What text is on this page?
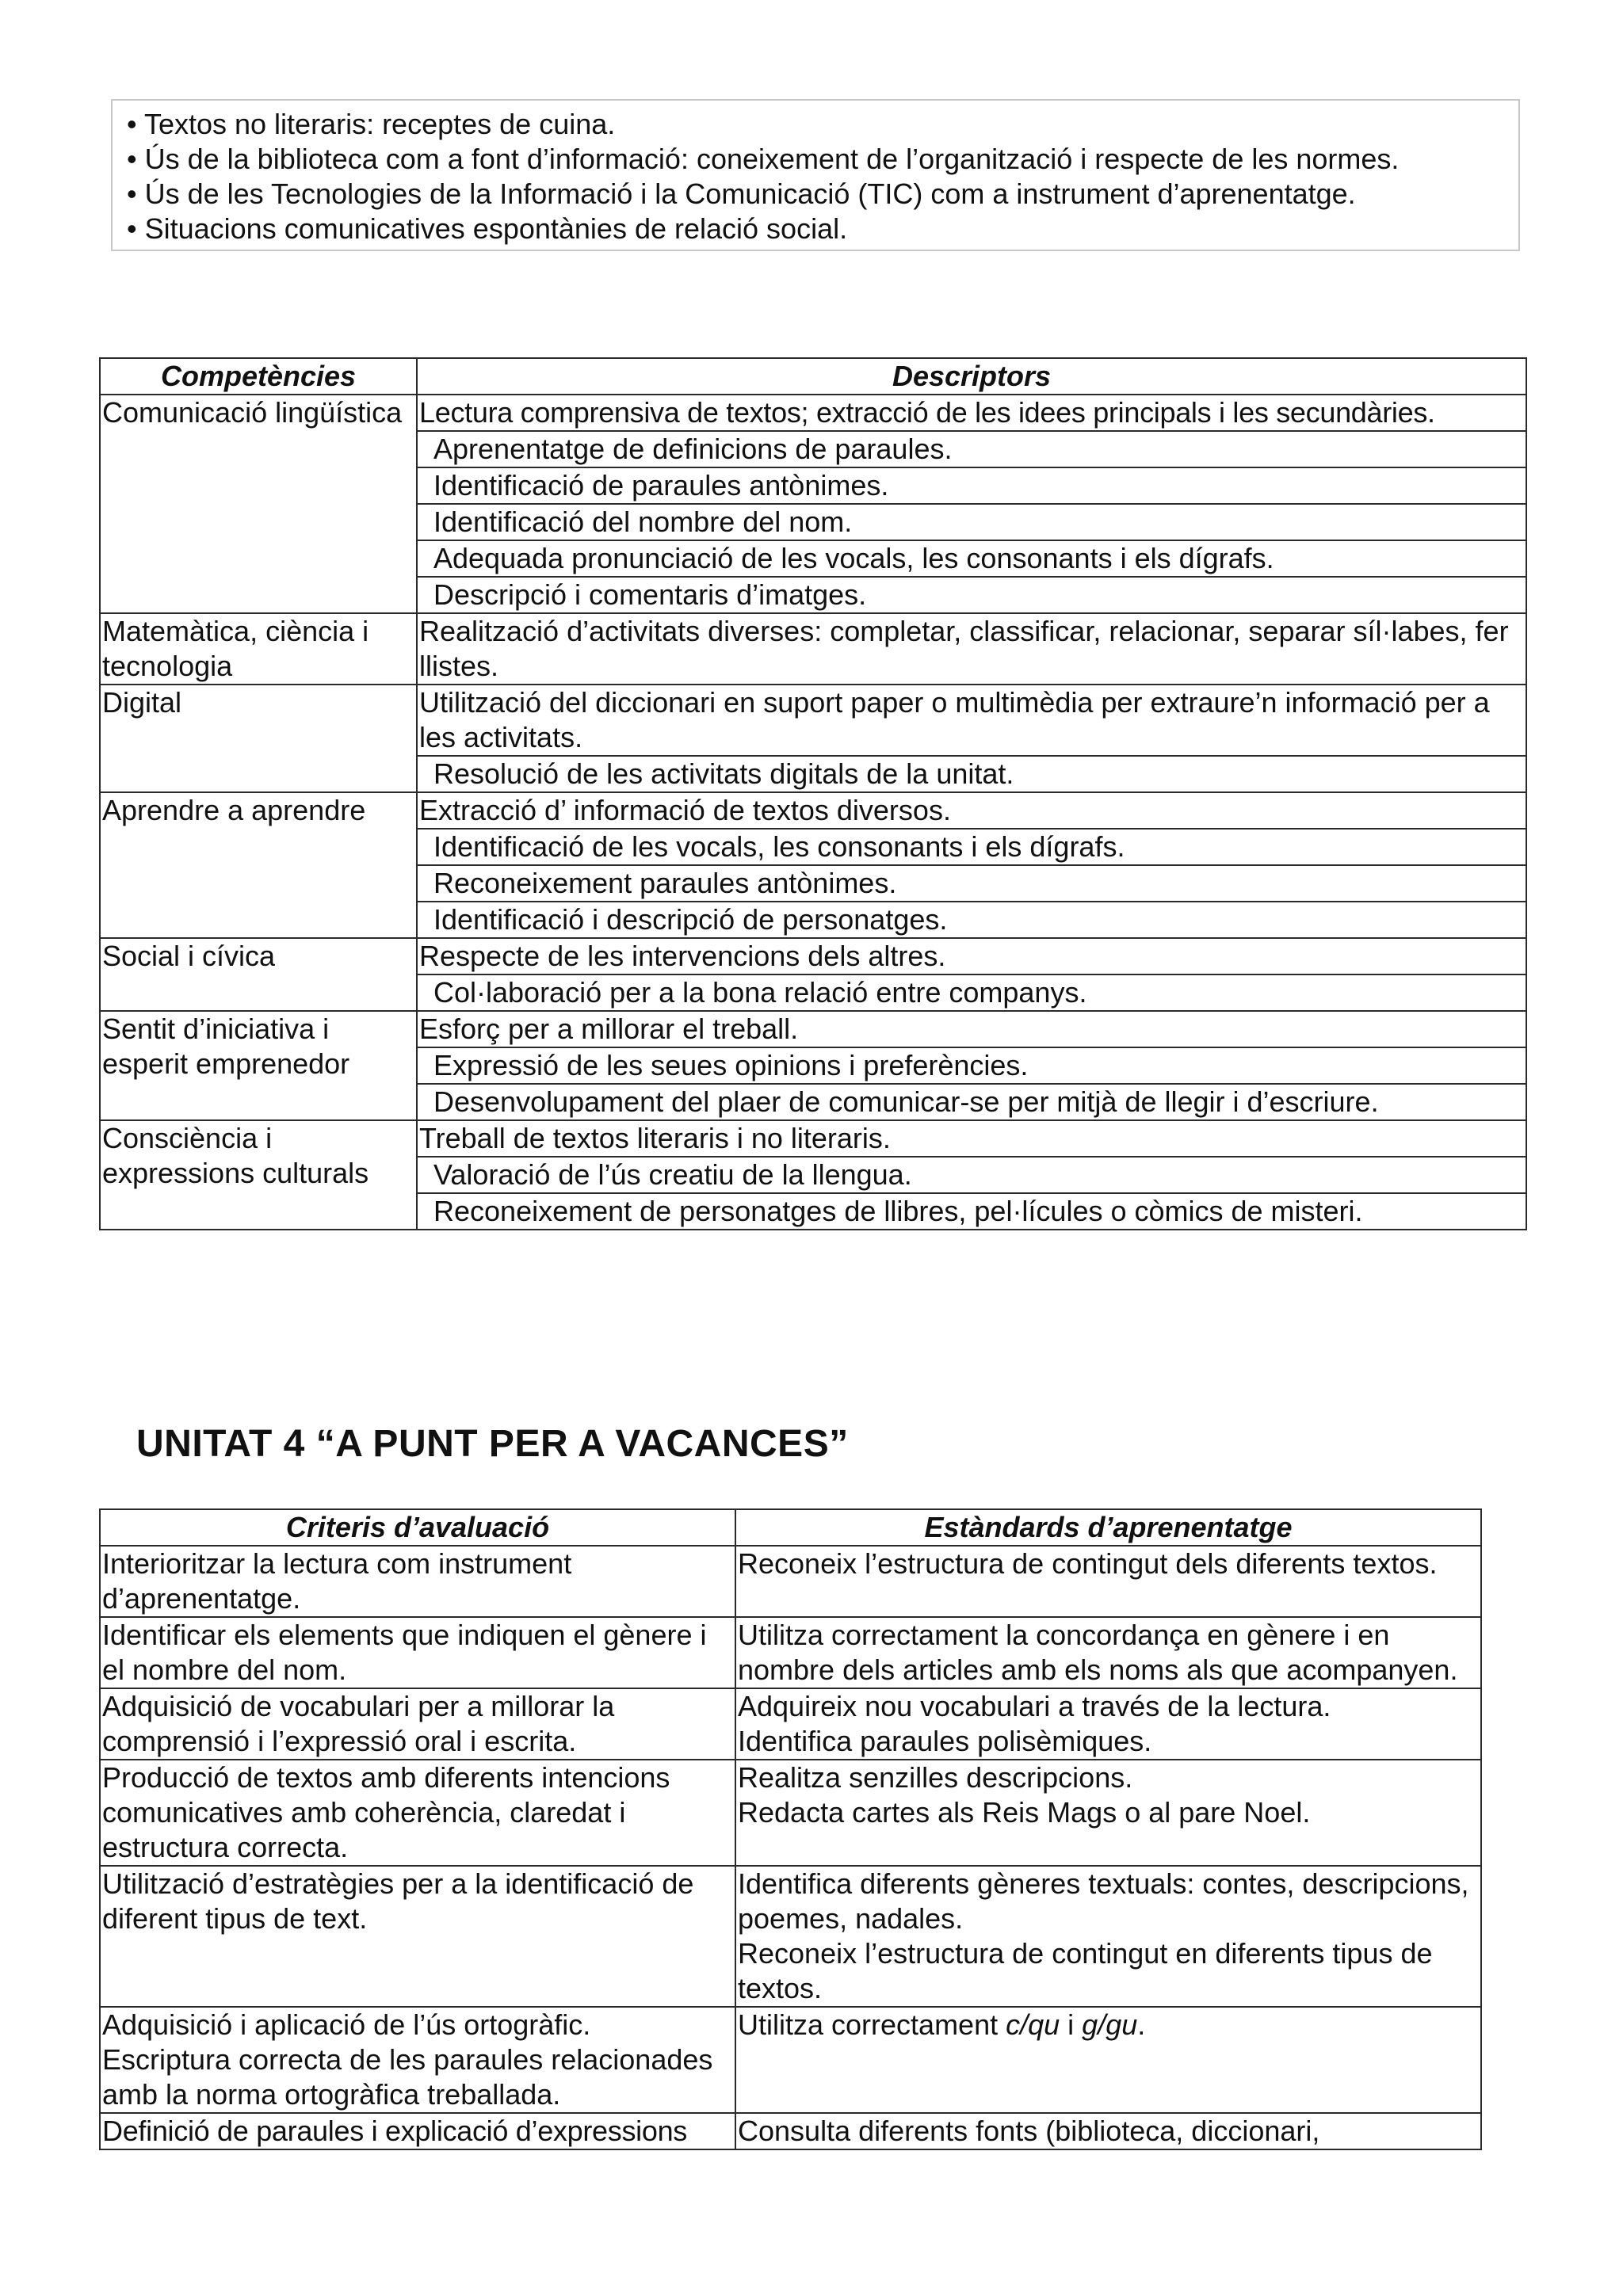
• Textos no literaris: receptes de cuina.
• Ús de la biblioteca com a font d’informació: coneixement de l’organització i respecte de les normes.
• Ús de les Tecnologies de la Informació i la Comunicació (TIC) com a instrument d’aprenentatge.
• Situacions comunicatives espontànies de relació social.
Competències	Descriptors
Comunicació lingüística	Lectura comprensiva de textos; extracció de les idees principals i les secundàries.
	Aprenentatge de definicions de paraules.
	Identificació de paraules antònimes.
	Identificació del nombre del nom.
	Adequada pronunciació de les vocals, les consonants i els dígrafs.
	Descripció i comentaris d’imatges.
Matemàtica, ciència i tecnologia	Realització d’activitats diverses: completar, classificar, relacionar, separar síl·labes, fer llistes.
Digital	Utilització del diccionari en suport paper o multimèdia per extraure’n informació per a les activitats.
	Resolució de les activitats digitals de la unitat.
Aprendre a aprendre	Extracció d’ informació de textos diversos.
	Identificació de les vocals, les consonants i els dígrafs.
	Reconeixement paraules antònimes.
	Identificació i descripció de personatges.
Social i cívica	Respecte de les intervencions dels altres.
	Col·laboració per a la bona relació entre companys.
Sentit d’iniciativa i esperit emprenedor	Esforç per a millorar el treball.
	Expressió de les seues opinions i preferències.
	Desenvolupament del plaer de comunicar-se per mitjà de llegir i d’escriure.
Consciència i expressions culturals	Treball de textos literaris i no literaris.
	Valoració de l’ús creatiu de la llengua.
	Reconeixement de personatges de llibres, pel·lícules o còmics de misteri.
UNITAT 4 “A PUNT PER A VACANCES”
Criteris d’avaluació	Estàndards d’aprenentatge
Interioritzar la lectura com instrument d’aprenentatge.	Reconeix l’estructura de contingut dels diferents textos.
Identificar els elements que indiquen el gènere i el nombre del nom.	Utilitza correctament la concordança en gènere i en nombre dels articles amb els noms als que acompanyen.
Adquisició de vocabulari per a millorar la comprensió i l’expressió oral i escrita.	Adquireix nou vocabulari a través de la lectura.
Identifica paraules polisèmiques.
Producció de textos amb diferents intencions comunicatives amb coherència, claredat i estructura correcta.	Realitza senzilles descripcions.
Redacta cartes als Reis Mags o al pare Noel.
Utilització d’estratègies per a la identificació de diferent tipus de text.	Identifica diferents gèneres textuals: contes, descripcions, poemes, nadales.
Reconeix l’estructura de contingut en diferents tipus de textos.
Adquisició i aplicació de l’ús ortogràfic.
Escriptura correcta de les paraules relacionades amb la norma ortogràfica treballada.	Utilitza correctament c/qu i g/gu.
Definició de paraules i explicació d’expressions	Consulta diferents fonts (biblioteca, diccionari,
